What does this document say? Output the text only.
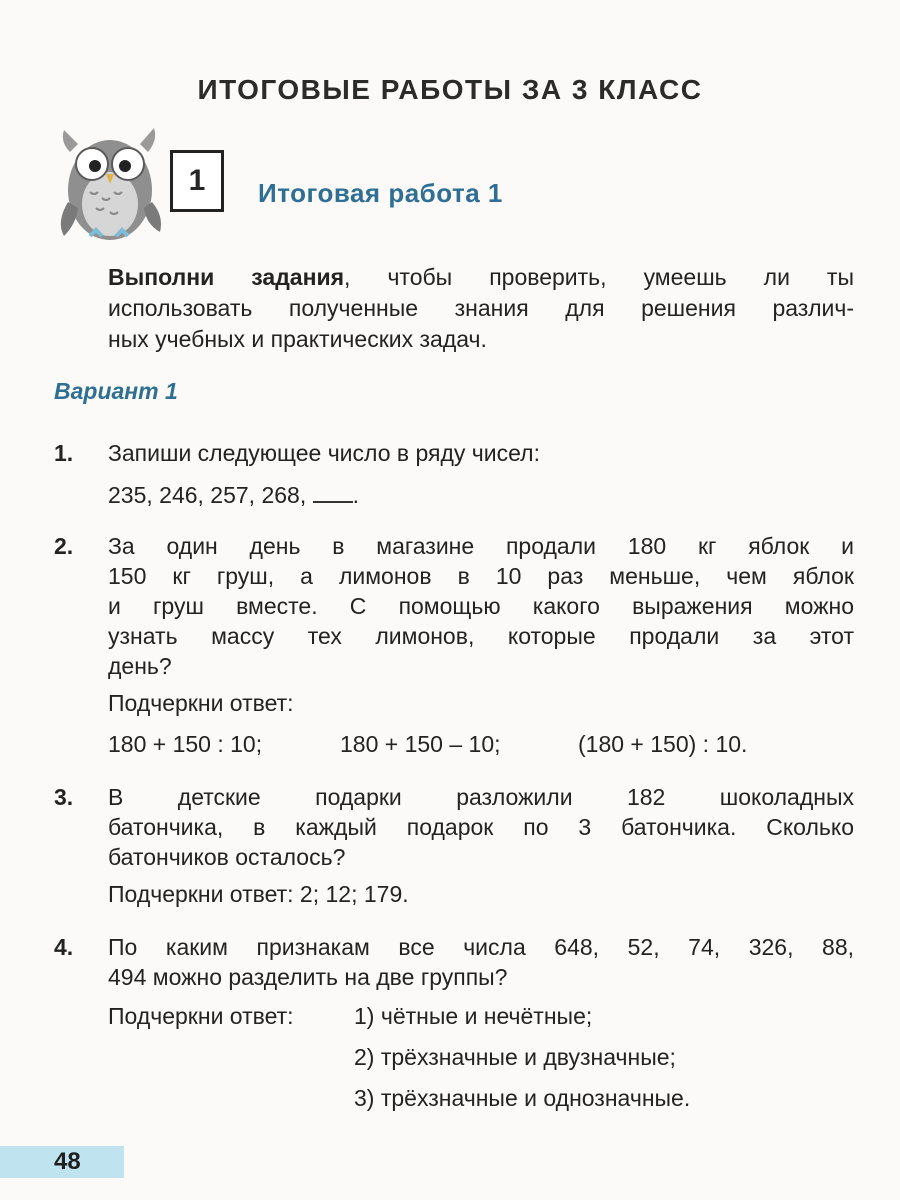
ИТОГОВЫЕ РАБОТЫ ЗА 3 КЛАСС
1	Итоговая работа 1
Выполни задания, чтобы проверить, умеешь ли ты
использовать полученные знания для решения различ-
ных учебных и практических задач.
Вариант 1
1. Запиши следующее число в ряду чисел:
235, 246, 257, 268, .
2. За один день в магазине продали 180 кг яблок и
150 кг груш, а лимонов в 10 раз меньше, чем яблок
и груш вместе. С помощью какого выражения можно
узнать массу тех лимонов, которые продали за этот
день?
Подчеркни ответ:
180 + 150 : 10;	180 + 150 – 10;	(180 + 150) : 10.
3. В детские подарки разложили 182 шоколадных
батончика, в каждый подарок по 3 батончика. Сколько
батончиков осталось?
Подчеркни ответ: 2; 12; 179.
4. По каким признакам все числа 648, 52, 74, 326, 88,
494 можно разделить на две группы?
Подчеркни ответ:	1) чётные и нечётные;
2) трёхзначные и двузначные;
3) трёхзначные и однозначные.
48
